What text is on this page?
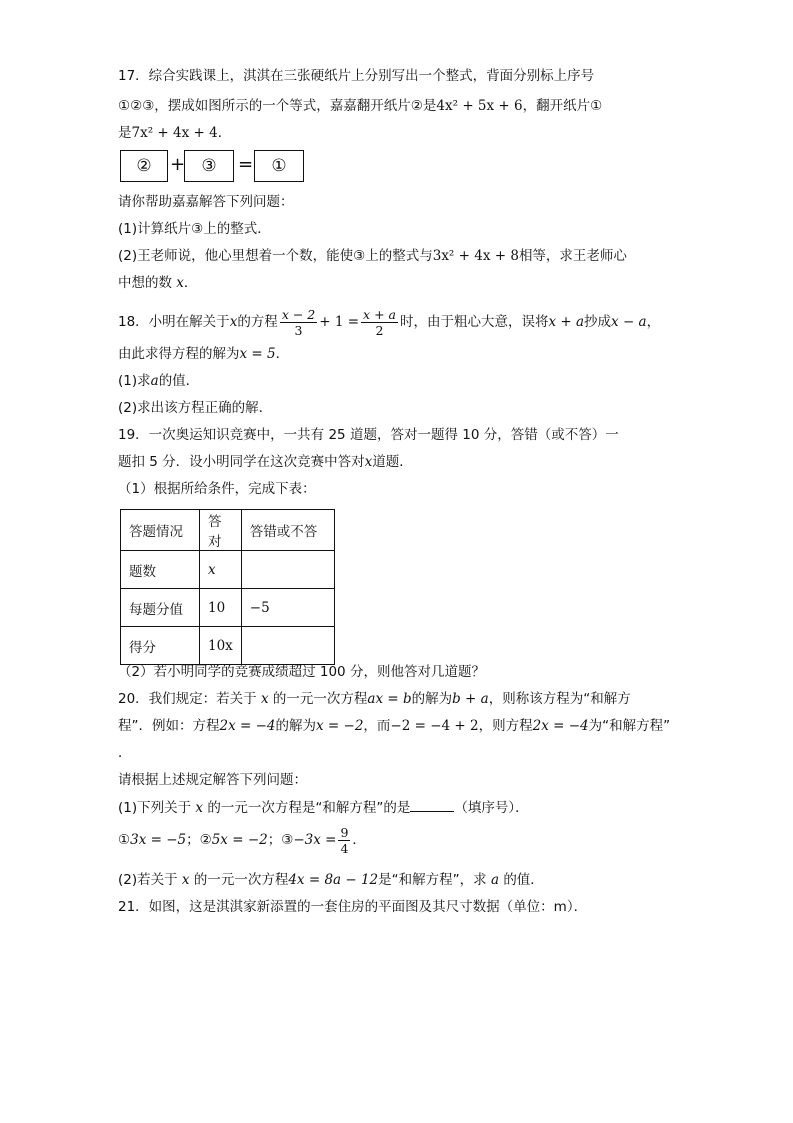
17．综合实践课上，淇淇在三张硬纸片上分别写出一个整式，背面分别标上序号
①②③，摆成如图所示的一个等式，嘉嘉翻开纸片②是4x² + 5x + 6，翻开纸片①
是7x² + 4x + 4．
②	+ ③	=	①
请你帮助嘉嘉解答下列问题：
(1)计算纸片③上的整式．
(2)王老师说，他心里想着一个数，能使③上的整式与3x² + 4x + 8相等，求王老师心
中想的数 x．
18．小明在解关于x的方程 $\frac{x - 2}{3} + 1 = \frac{x + a}{2}$ 时，由于粗心大意，误将x + a抄成x − a，
由此求得方程的解为x = 5．
(1)求a的值．
(2)求出该方程正确的解．
19．一次奥运知识竞赛中，一共有 25 道题，答对一题得 10 分，答错（或不答）一
题扣 5 分．设小明同学在这次竞赛中答对x道题．
（1）根据所给条件，完成下表：
答题情况	答对	答错或不答
题数	x	
每题分值	10	−5
得分	10x	
（2）若小明同学的竞赛成绩超过 100 分，则他答对几道题？
20．我们规定：若关于 x 的一元一次方程ax = b的解为b + a，则称该方程为“和解方
程”．例如：方程2x = −4的解为x = −2，而−2 = −4 + 2，则方程2x = −4为“和解方程”
．
请根据上述规定解答下列问题：
(1)下列关于 x 的一元一次方程是“和解方程”的是	（填序号）．
①3x = −5；②5x = −2；③−3x = $\frac{9}{4}$ ．
(2)若关于 x 的一元一次方程4x = 8a − 12是“和解方程”，求 a 的值．
21．如图，这是淇淇家新添置的一套住房的平面图及其尺寸数据（单位：m）．
